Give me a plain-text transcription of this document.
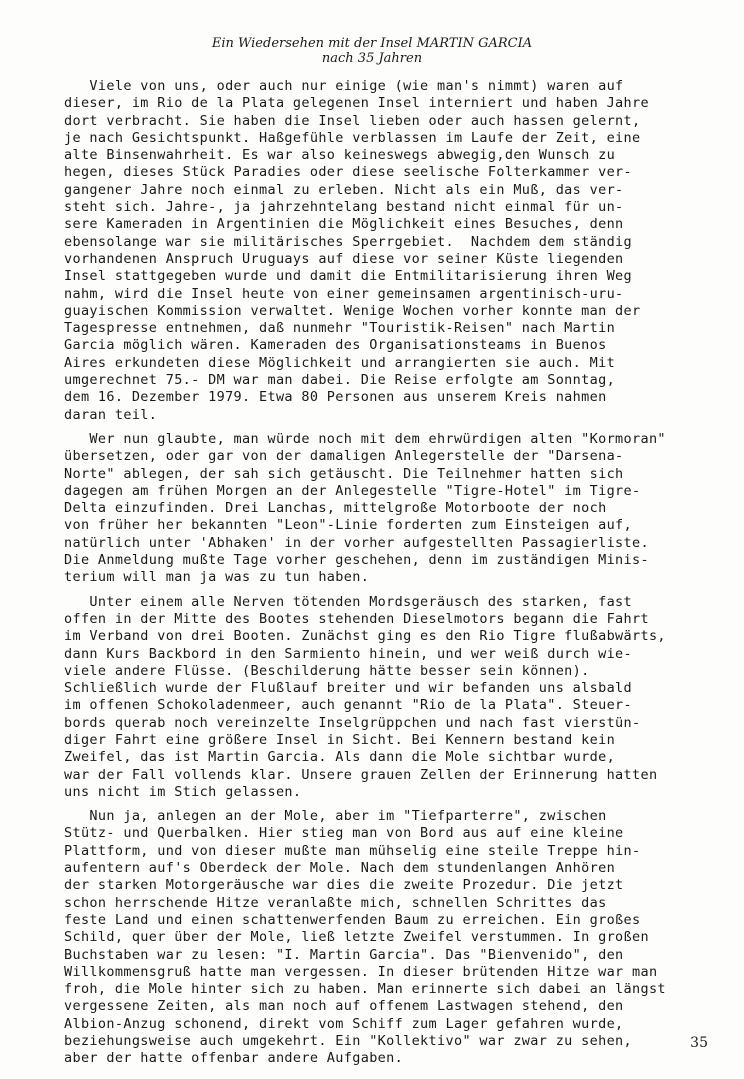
Ein Wiedersehen mit der Insel MARTIN GARCIA
nach 35 Jahren
Viele von uns, oder auch nur einige (wie man's nimmt) waren auf
dieser, im Rio de la Plata gelegenen Insel interniert und haben Jahre
dort verbracht. Sie haben die Insel lieben oder auch hassen gelernt,
je nach Gesichtspunkt. Haßgefühle verblassen im Laufe der Zeit, eine
alte Binsenwahrheit. Es war also keineswegs abwegig,den Wunsch zu
hegen, dieses Stück Paradies oder diese seelische Folterkammer ver-
gangener Jahre noch einmal zu erleben. Nicht als ein Muß, das ver-
steht sich. Jahre-, ja jahrzehntelang bestand nicht einmal für un-
sere Kameraden in Argentinien die Möglichkeit eines Besuches, denn
ebensolange war sie militärisches Sperrgebiet.  Nachdem dem ständig
vorhandenen Anspruch Uruguays auf diese vor seiner Küste liegenden
Insel stattgegeben wurde und damit die Entmilitarisierung ihren Weg
nahm, wird die Insel heute von einer gemeinsamen argentinisch-uru-
guayischen Kommission verwaltet. Wenige Wochen vorher konnte man der
Tagespresse entnehmen, daß nunmehr "Touristik-Reisen" nach Martin
Garcia möglich wären. Kameraden des Organisationsteams in Buenos
Aires erkundeten diese Möglichkeit und arrangierten sie auch. Mit
umgerechnet 75.- DM war man dabei. Die Reise erfolgte am Sonntag,
dem 16. Dezember 1979. Etwa 80 Personen aus unserem Kreis nahmen
daran teil.
Wer nun glaubte, man würde noch mit dem ehrwürdigen alten "Kormoran"
übersetzen, oder gar von der damaligen Anlegerstelle der "Darsena-
Norte" ablegen, der sah sich getäuscht. Die Teilnehmer hatten sich
dagegen am frühen Morgen an der Anlegestelle "Tigre-Hotel" im Tigre-
Delta einzufinden. Drei Lanchas, mittelgroße Motorboote der noch
von früher her bekannten "Leon"-Linie forderten zum Einsteigen auf,
natürlich unter 'Abhaken' in der vorher aufgestellten Passagierliste.
Die Anmeldung mußte Tage vorher geschehen, denn im zuständigen Minis-
terium will man ja was zu tun haben.
Unter einem alle Nerven tötenden Mordsgeräusch des starken, fast
offen in der Mitte des Bootes stehenden Dieselmotors begann die Fahrt
im Verband von drei Booten. Zunächst ging es den Rio Tigre flußabwärts,
dann Kurs Backbord in den Sarmiento hinein, und wer weiß durch wie-
viele andere Flüsse. (Beschilderung hätte besser sein können).
Schließlich wurde der Flußlauf breiter und wir befanden uns alsbald
im offenen Schokoladenmeer, auch genannt "Rio de la Plata". Steuer-
bords querab noch vereinzelte Inselgrüppchen und nach fast vierstün-
diger Fahrt eine größere Insel in Sicht. Bei Kennern bestand kein
Zweifel, das ist Martin Garcia. Als dann die Mole sichtbar wurde,
war der Fall vollends klar. Unsere grauen Zellen der Erinnerung hatten
uns nicht im Stich gelassen.
Nun ja, anlegen an der Mole, aber im "Tiefparterre", zwischen
Stütz- und Querbalken. Hier stieg man von Bord aus auf eine kleine
Plattform, und von dieser mußte man mühselig eine steile Treppe hin-
aufentern auf's Oberdeck der Mole. Nach dem stundenlangen Anhören
der starken Motorgeräusche war dies die zweite Prozedur. Die jetzt
schon herrschende Hitze veranlaßte mich, schnellen Schrittes das
feste Land und einen schattenwerfenden Baum zu erreichen. Ein großes
Schild, quer über der Mole, ließ letzte Zweifel verstummen. In großen
Buchstaben war zu lesen: "I. Martin Garcia". Das "Bienvenido", den
Willkommensgruß hatte man vergessen. In dieser brütenden Hitze war man
froh, die Mole hinter sich zu haben. Man erinnerte sich dabei an längst
vergessene Zeiten, als man noch auf offenem Lastwagen stehend, den
Albion-Anzug schonend, direkt vom Schiff zum Lager gefahren wurde,
beziehungsweise auch umgekehrt. Ein "Kollektivo" war zwar zu sehen,
aber der hatte offenbar andere Aufgaben.
35
